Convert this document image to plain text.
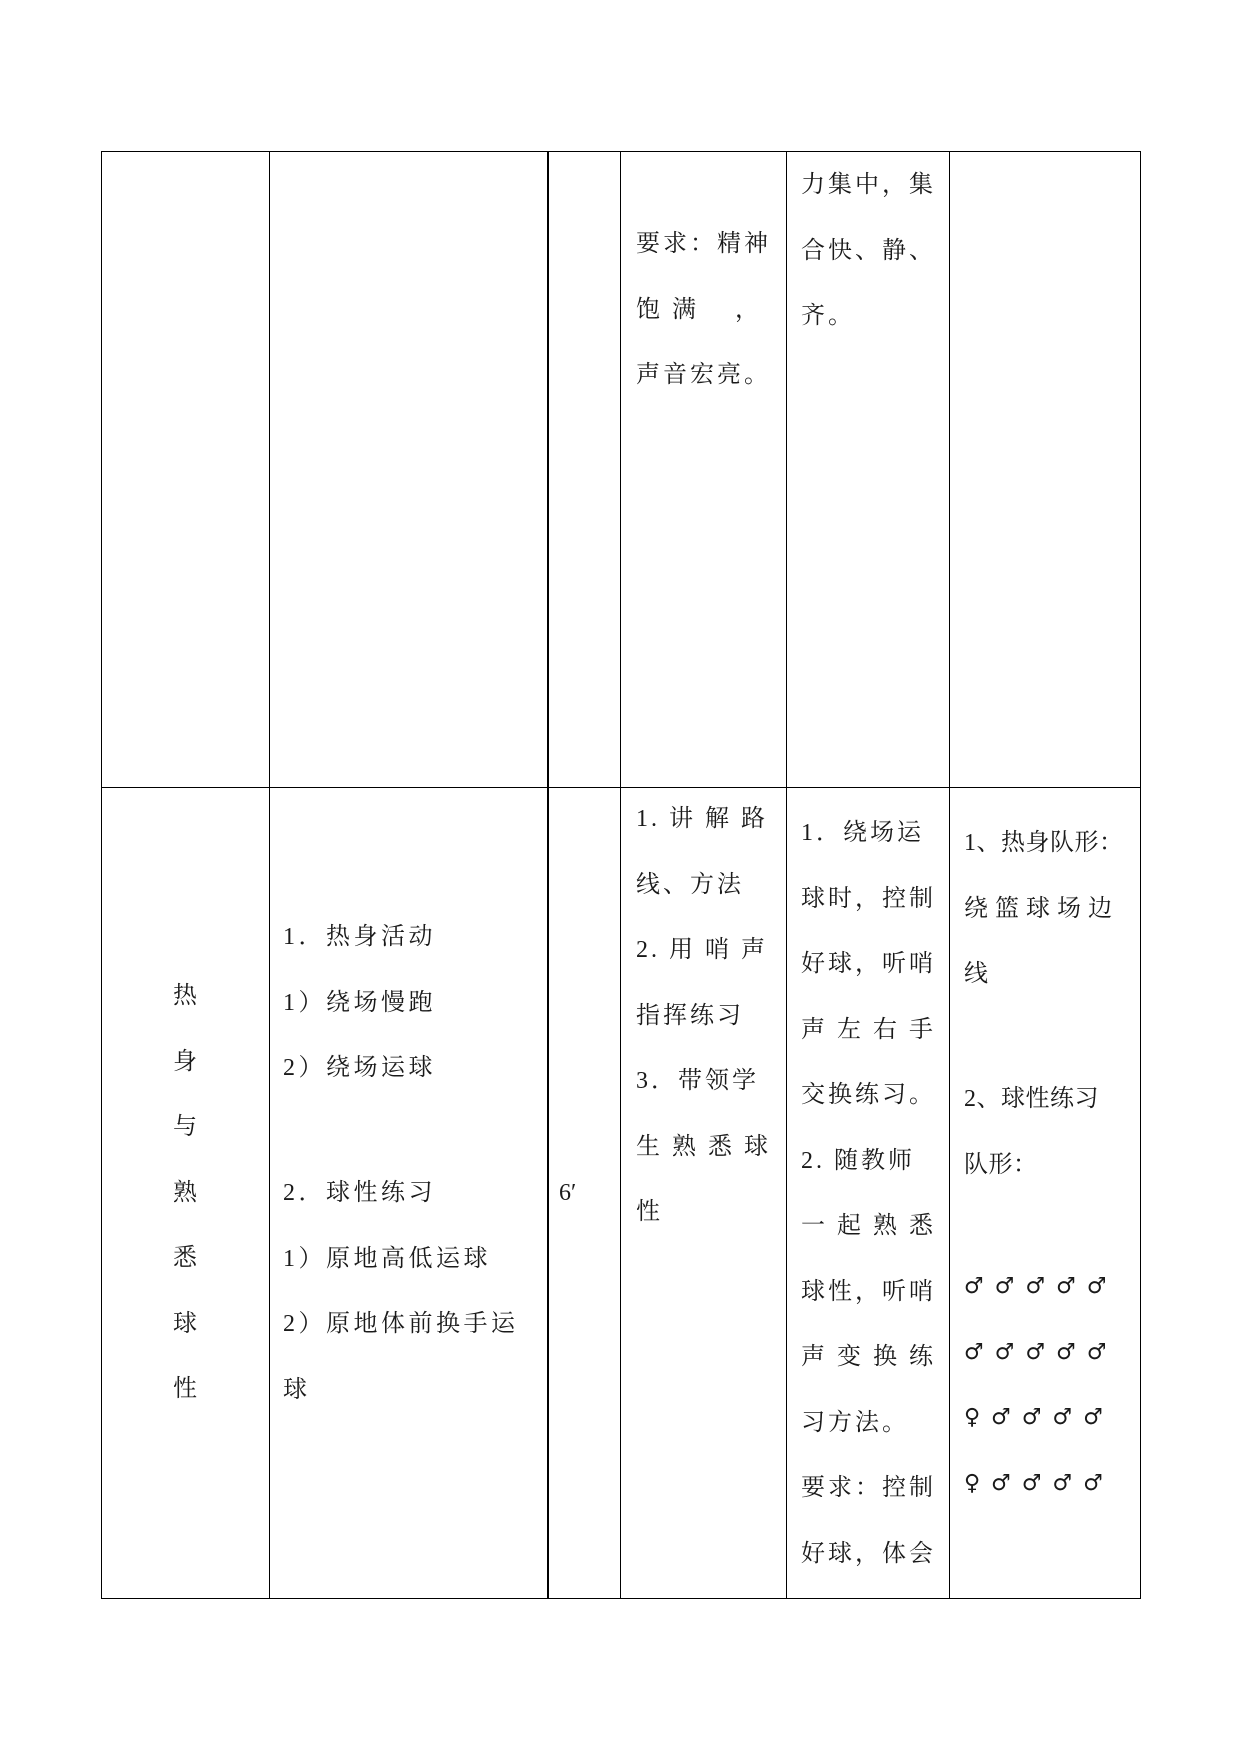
要求：精神
饱 满 　，
声音宏亮。
力集中，集
合快、静、
齐。
热
身
与
熟
悉
球
性
1．热身活动
1）绕场慢跑
2）绕场运球
2．球性练习
1）原地高低运球
2）原地体前换手运
球
6′
1. 讲 解 路
线、方法
2. 用 哨 声
指挥练习
3．带领学
生 熟 悉 球
性
1．绕场运
球时，控制
好球，听哨
声 左 右 手
交换练习。
2. 随教师
一 起 熟 悉
球性，听哨
声 变 换 练
习方法。
要求：控制
好球，体会
1、热身队形：
绕 篮 球 场 边
线
2、球性练习
队形：
♂♂♂♂♂
♂♂♂♂♂
♀♂♂♂♂
♀♂♂♂♂
